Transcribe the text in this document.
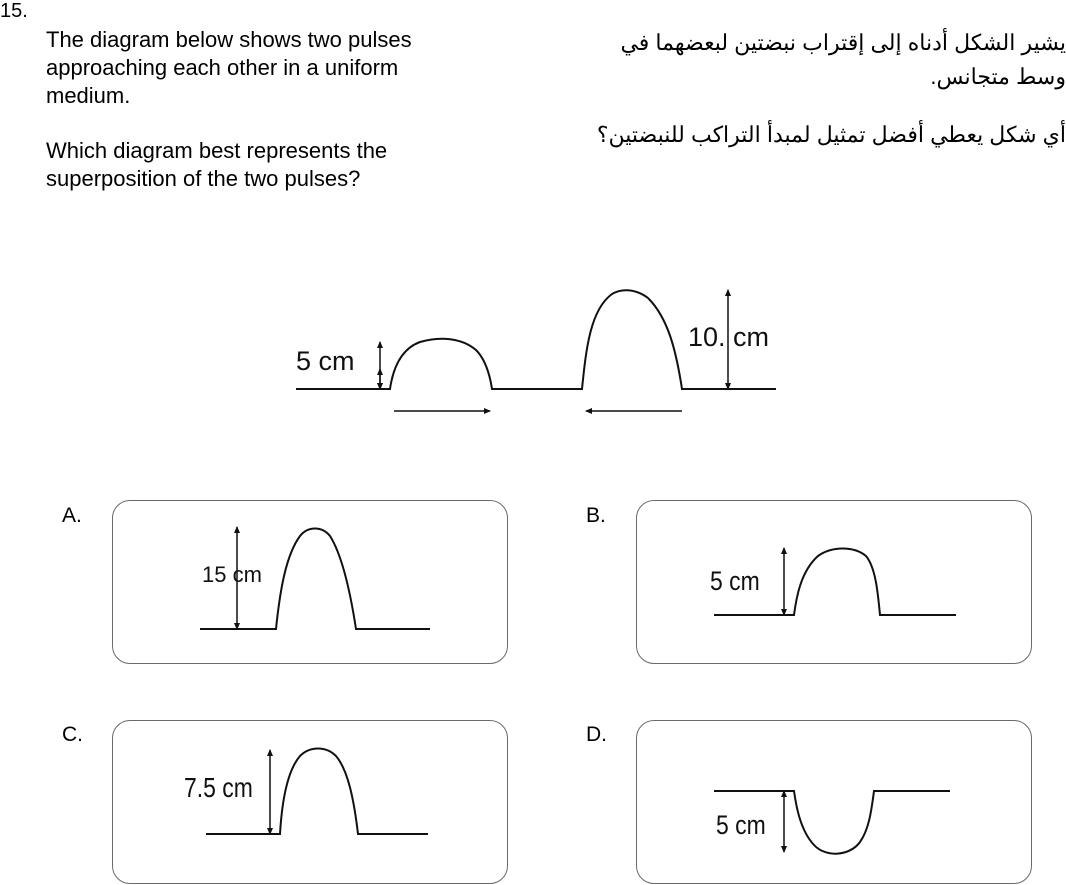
15.
The diagram below shows two pulses approaching each other in a uniform medium.
Which diagram best represents the superposition of the two pulses?
يشير الشكل أدناه إلى إقتراب نبضتين لبعضهما في وسط متجانس.
أي شكل يعطي أفضل تمثيل لمبدأ التراكب للنبضتين؟
A.	B.
C.	D.
5 cm
10. cm
15 cm	5 cm
7.5 cm
5 cm
